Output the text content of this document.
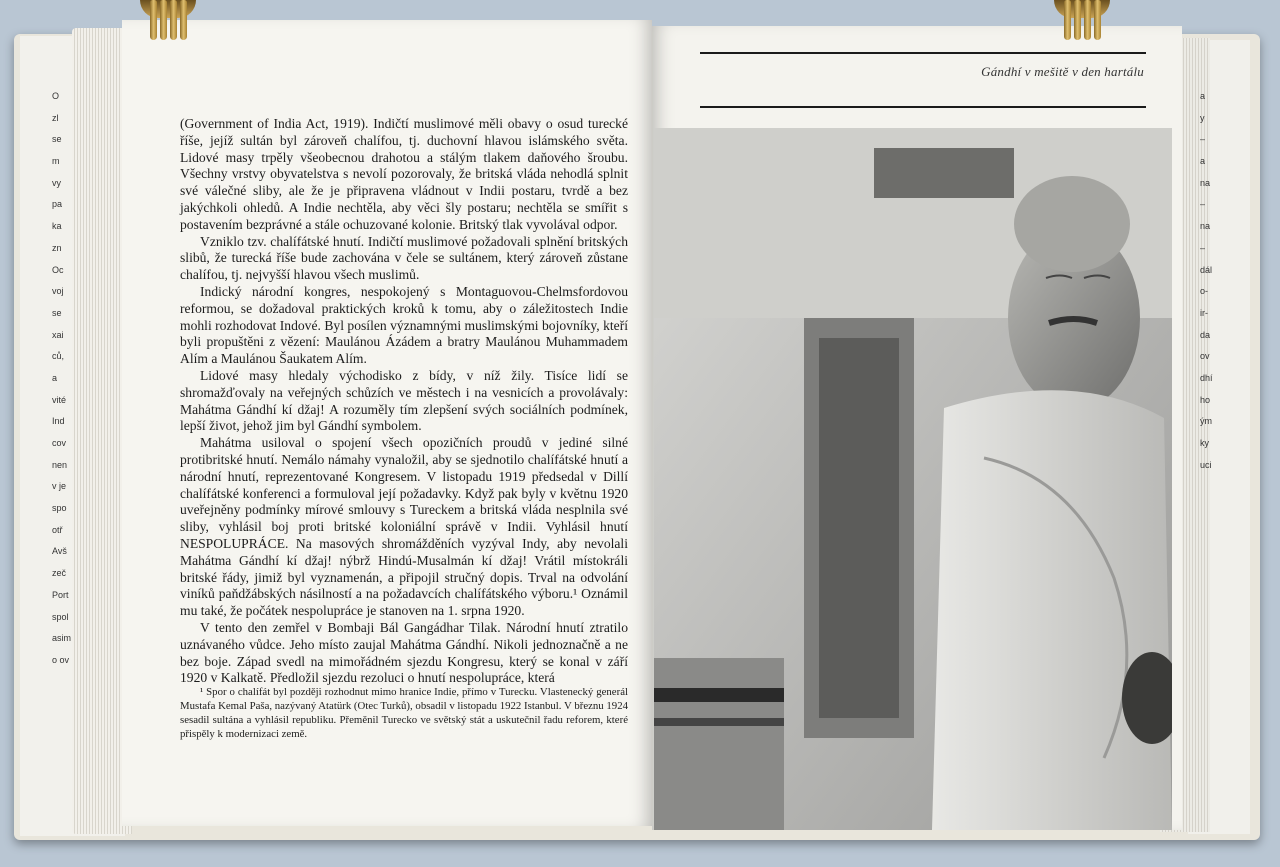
O
zl
se
m
vy
pa
ka
zn
Oc
voj
se
xai
ců,
a
vité
Ind
cov
nen
v je
spo
otř
Avš
zeč
Port
spol
asim
o ov
a
y
–
a
na
–
na
–
dál
o-
ir-
da
ov
dhí
ho
ým
ky
uci

(Government of India Act, 1919). Indičtí muslimové měli obavy o osud turecké říše, jejíž sultán byl zároveň chalífou, tj. duchovní hlavou islámského světa. Lidové masy trpěly všeobecnou drahotou a stálým tlakem daňového šroubu. Všechny vrstvy obyvatelstva s nevolí pozorovaly, že britská vláda nehodlá splnit své válečné sliby, ale že je připravena vládnout v Indii postaru, tvrdě a bez jakýchkoli ohledů. A Indie nechtěla, aby věci šly postaru; nechtěla se smířit s postavením bezprávné a stále ochuzované kolonie. Britský tlak vyvolával odpor.

Vzniklo tzv. chalífátské hnutí. Indičtí muslimové požadovali splnění britských slibů, že turecká říše bude zachována v čele se sultánem, který zároveň zůstane chalífou, tj. nejvyšší hlavou všech muslimů.

Indický národní kongres, nespokojený s Montaguovou-Chelmsfordovou reformou, se dožadoval praktických kroků k tomu, aby o záležitostech Indie mohli rozhodovat Indové. Byl posílen významnými muslimskými bojovníky, kteří byli propuštěni z vězení: Maulánou Ázádem a bratry Maulánou Muhammadem Alím a Maulánou Šaukatem Alím.

Lidové masy hledaly východisko z bídy, v níž žily. Tisíce lidí se shromažďovaly na veřejných schůzích ve městech i na vesnicích a provolávaly: Mahátma Gándhí kí džaj! A rozuměly tím zlepšení svých sociálních podmínek, lepší život, jehož jim byl Gándhí symbolem.

Mahátma usiloval o spojení všech opozičních proudů v jediné silné protibritské hnutí. Nemálo námahy vynaložil, aby se sjednotilo chalífátské hnutí a národní hnutí, reprezentované Kongresem. V listopadu 1919 předsedal v Dillí chalífátské konferenci a formuloval její požadavky. Když pak byly v květnu 1920 uveřejněny podmínky mírové smlouvy s Tureckem a britská vláda nesplnila své sliby, vyhlásil boj proti britské koloniální správě v Indii. Vyhlásil hnutí NESPOLUPRÁCE. Na masových shromážděních vyzýval Indy, aby nevolali Mahátma Gándhí kí džaj! nýbrž Hindú-Musalmán kí džaj! Vrátil místokráli britské řády, jimiž byl vyznamenán, a připojil stručný dopis. Trval na odvolání viníků paňdžábských násilností a na požadavcích chalífátského výboru.¹ Oznámil mu také, že počátek nespolupráce je stanoven na 1. srpna 1920.

V tento den zemřel v Bombaji Bál Gangádhar Tilak. Národní hnutí ztratilo uznávaného vůdce. Jeho místo zaujal Mahátma Gándhí. Nikoli jednoznačně a ne bez boje. Západ svedl na mimořádném sjezdu Kongresu, který se konal v září 1920 v Kalkatě. Předložil sjezdu rezoluci o hnutí nespolupráce, která

¹ Spor o chalífát byl později rozhodnut mimo hranice Indie, přímo v Turecku. Vlastenecký generál Mustafa Kemal Paša, nazývaný Atatürk (Otec Turků), obsadil v listopadu 1922 Istanbul. V březnu 1924 sesadil sultána a vyhlásil republiku. Přeměnil Turecko ve světský stát a uskutečnil řadu reforem, které přispěly k modernizaci země.
Gándhí v mešitě v den hartálu
